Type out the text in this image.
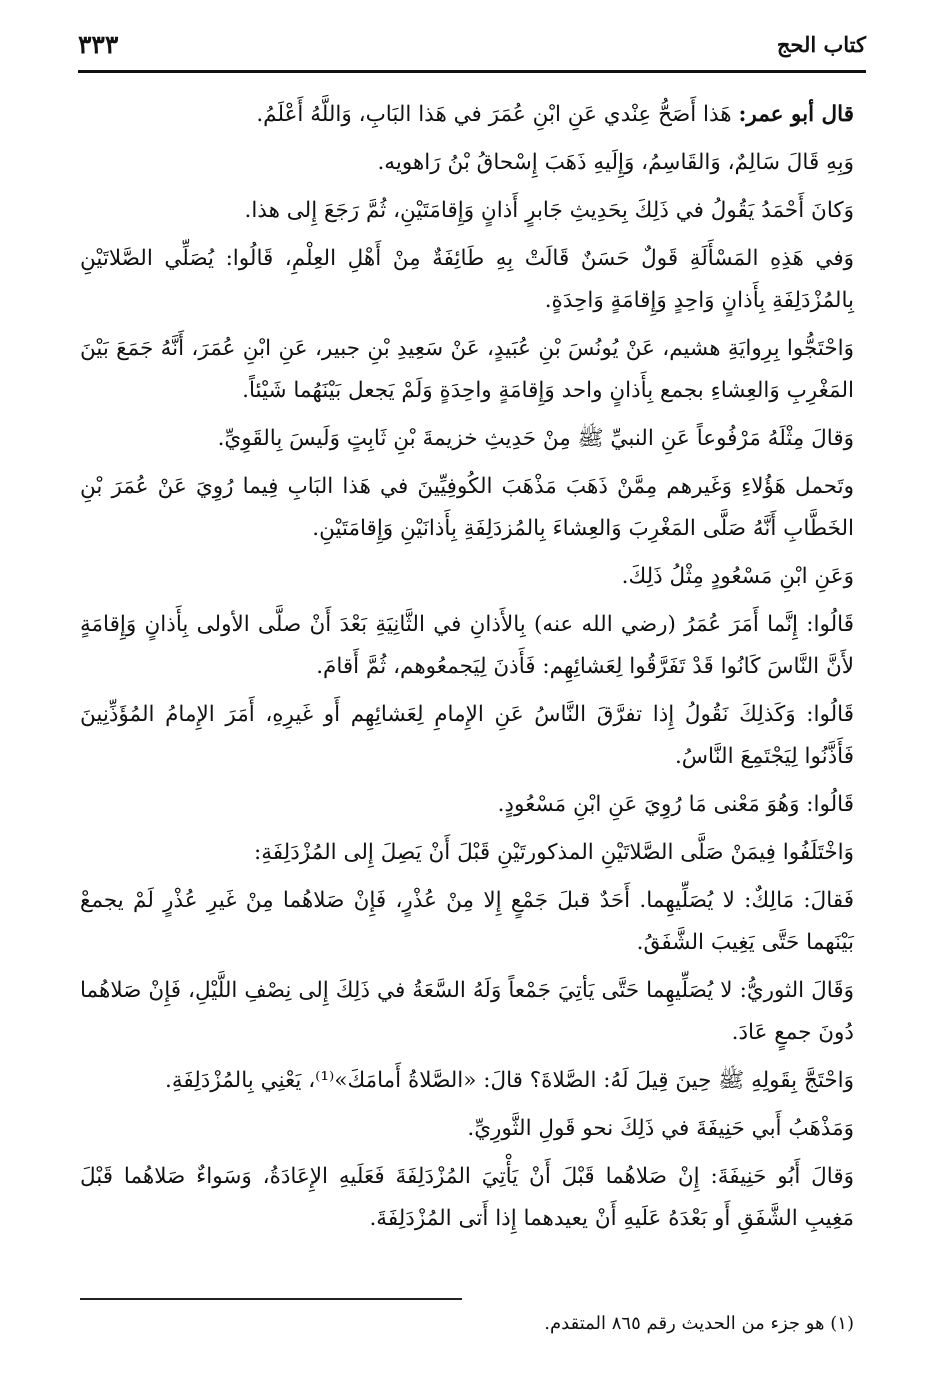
كتاب الحج
٣٣٣

قال أبو عمر: هَذا أَصَحُّ عِنْدي عَنِ ابْنِ عُمَرَ في هَذا البَابِ، وَاللَّهُ أَعْلَمُ.

وَبِهِ قَالَ سَالِمٌ، وَالقَاسِمُ، وَإِلَيهِ ذَهَبَ إِسْحاقُ بْنُ رَاهويه.

وَكانَ أَحْمَدُ يَقُولُ في ذَلِكَ بِحَدِيثِ جَابرٍ أَذانٍ وَإِقامَتَيْنِ، ثُمَّ رَجَعَ إِلى هذا.

وَفي هَذِهِ المَسْأَلَةِ قَولٌ حَسَنٌ قَالَتْ بِهِ طَائِفَةٌ مِنْ أَهْلِ العِلْمِ، قَالُوا: يُصَلِّي الصَّلاتَيْنِ بِالمُزْدَلِفَةِ بِأَذانٍ وَاحِدٍ وَإِقامَةٍ وَاحِدَةٍ.

وَاحْتَجُّوا بِرِوايَةِ هشيم، عَنْ يُونُسَ بْنِ عُبَيدٍ، عَنْ سَعِيدِ بْنِ جبير، عَنِ ابْنِ عُمَرَ، أَنَّهُ جَمَعَ بَيْنَ المَغْرِبِ وَالعِشاءِ بجمع بِأَذانٍ واحد وَإِقامَةٍ واحِدَةٍ وَلَمْ يَجعل بَيْنَهُما شَيْئاً.

وَقالَ مِثْلَهُ مَرْفُوعاً عَنِ النبيِّ ﷺ مِنْ حَدِيثِ خزيمةَ بْنِ ثَابِتٍ وَلَيسَ بِالقَوِيِّ.

وتَحمل هَؤُلاءِ وَغَيرهم مِمَّنْ ذَهَبَ مَذْهَبَ الكُوفِيِّينَ في هَذا البَابِ فِيما رُوِيَ عَنْ عُمَرَ بْنِ الخَطَّابِ أَنَّهُ صَلَّى المَغْرِبَ وَالعِشاءَ بِالمُزدَلِفَةِ بِأَذانَيْنِ وَإِقامَتَيْنِ.

وَعَنِ ابْنِ مَسْعُودٍ مِثْلُ ذَلِكَ.

قَالُوا: إِنَّما أَمَرَ عُمَرُ (رضي الله عنه) بِالأَذانِ في الثَّانِيَةِ بَعْدَ أَنْ صلَّى الأولى بِأَذانٍ وَإِقامَةٍ لأَنَّ النَّاسَ كَانُوا قَدْ تَفَرَّقُوا لِعَشائِهِم: فَأَذنَ لِيَجمعُوهم، ثُمَّ أَقامَ.

قَالُوا: وَكَذلِكَ نَقُولُ إِذا تفرَّقَ النَّاسُ عَنِ الإِمامِ لِعَشائِهِم أَو غَيرِهِ، أَمَرَ الإِمامُ المُؤَذِّنِينَ فَأَذَّنُوا لِيَجْتَمِعَ النَّاسُ.

قَالُوا: وَهُوَ مَعْنى مَا رُوِيَ عَنِ ابْنِ مَسْعُودٍ.

وَاخْتَلَفُوا فِيمَنْ صَلَّى الصَّلاتَيْنِ المذكورتَيْنِ قَبْلَ أَنْ يَصِلَ إِلى المُزْدَلِفَةِ:

فَقالَ: مَالِكٌ: لا يُصَلِّيهِما. أَحَدٌ قبلَ جَمْعٍ إِلا مِنْ عُذْرٍ، فَإِنْ صَلاهُما مِنْ غَيرِ عُذْرٍ لَمْ يجمعْ بَيْنَهما حَتَّى يَغِيبَ الشَّفَقُ.

وَقَالَ الثوريُّ: لا يُصَلِّيهِما حَتَّى يَأتِيَ جَمْعاً وَلَهُ السَّعَةُ في ذَلِكَ إِلى نِصْفِ اللَّيْلِ، فَإِنْ صَلاهُما دُونَ جمعٍ عَادَ.

وَاحْتَجَّ بِقَولِهِ ﷺ حِينَ قِيلَ لَهُ: الصَّلاةَ؟ قالَ: «الصَّلاةُ أَمامَكَ»⁽¹⁾، يَعْنِي بِالمُزْدَلِفَةِ.

وَمَذْهَبُ أَبي حَنِيفَةَ في ذَلِكَ نحو قَولِ الثَّورِيِّ.

وَقالَ أَبُو حَنِيفَةَ: إِنْ صَلاهُما قَبْلَ أَنْ يَأْتِيَ المُزْدَلِفَةَ فَعَلَيهِ الإِعَادَةُ، وَسَواءٌ صَلاهُما قَبْلَ مَغِيبِ الشَّفَقِ أَو بَعْدَهُ عَلَيهِ أَنْ يعيدهما إِذا أَتى المُزْدَلِفَةَ.

(١) هو جزء من الحديث رقم ٨٦٥ المتقدم.
